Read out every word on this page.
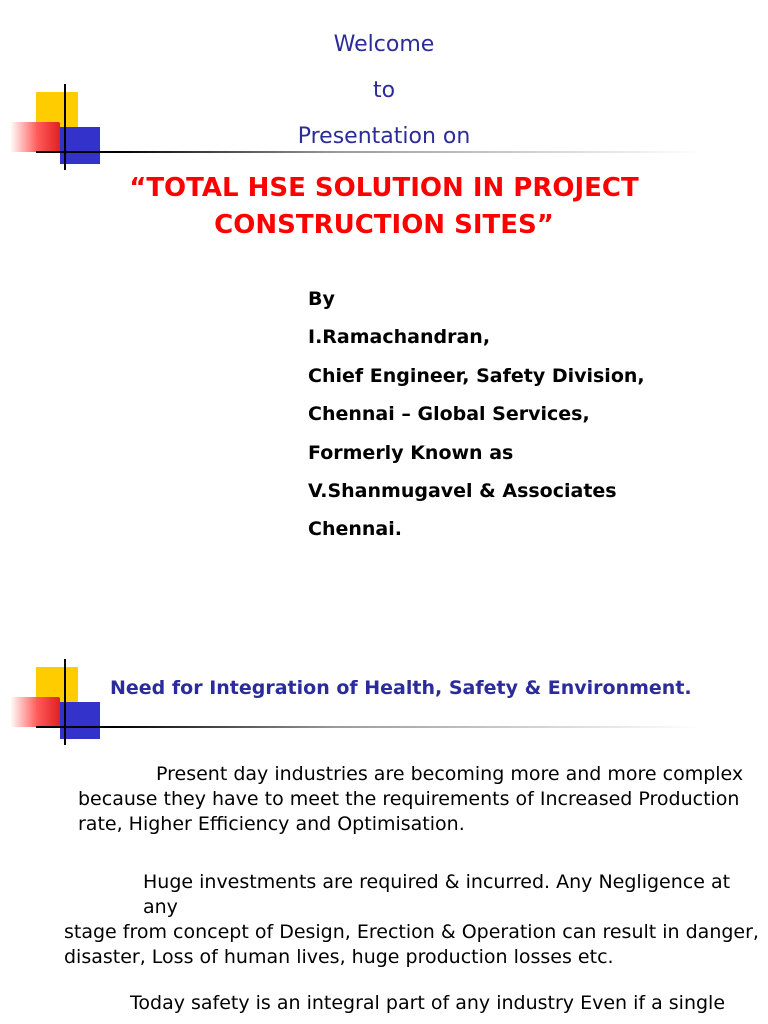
Welcome
to
Presentation on
“TOTAL HSE SOLUTION IN PROJECT
CONSTRUCTION SITES”
By
I.Ramachandran,
Chief Engineer, Safety Division,
Chennai – Global Services,
Formerly Known as
V.Shanmugavel & Associates
Chennai.
Need for Integration of Health, Safety & Environment.
Present day industries are becoming more and more complex
because they have to meet the requirements of Increased Production
rate, Higher Efficiency and Optimisation.
Huge investments are required & incurred. Any Negligence at any
stage from concept of Design, Erection & Operation can result in danger,
disaster, Loss of human lives, huge production losses etc.
Today safety is an integral part of any industry Even if a single
